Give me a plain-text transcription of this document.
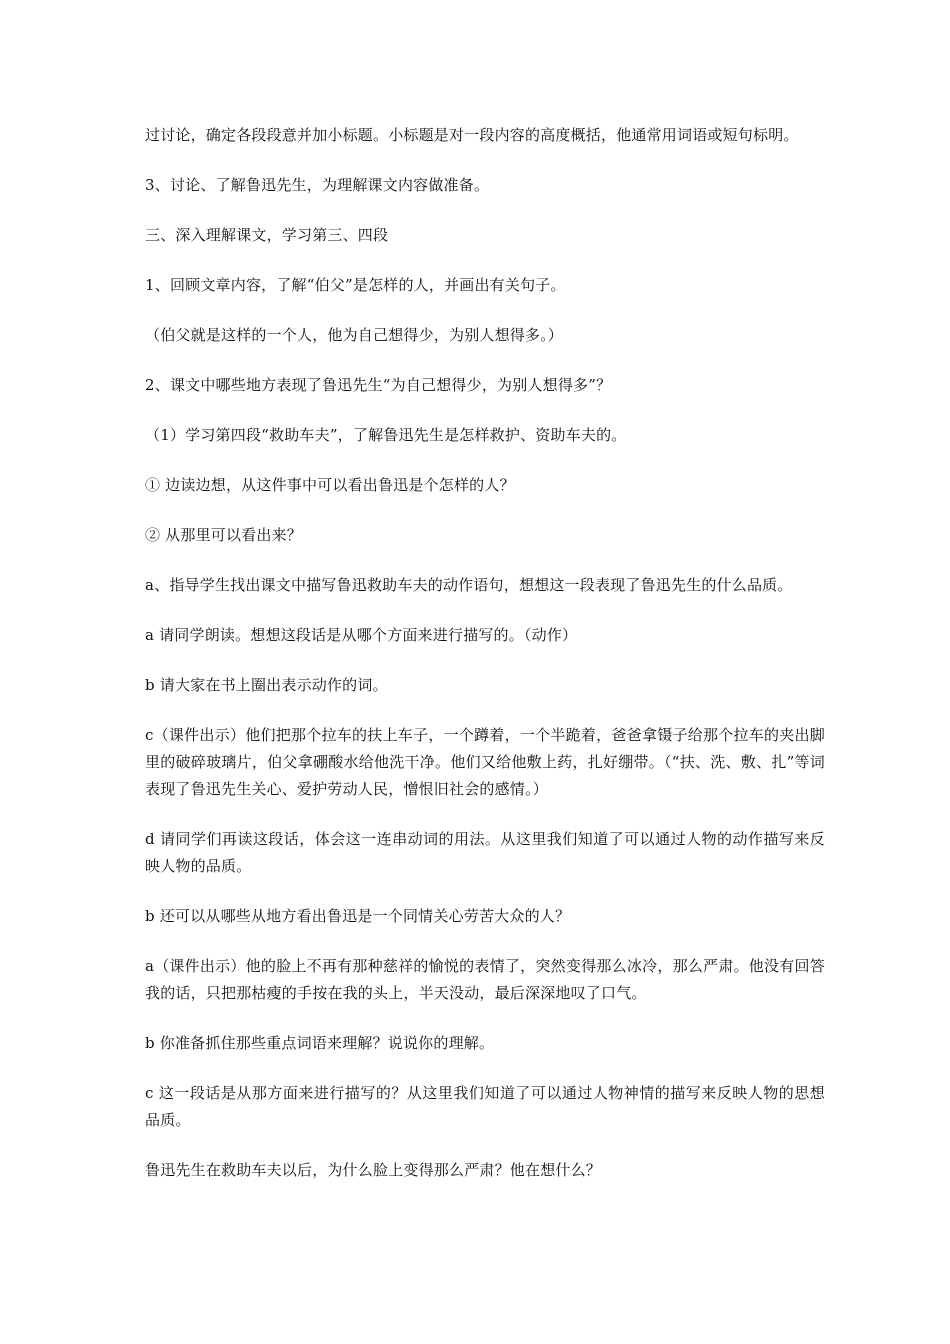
过讨论，确定各段段意并加小标题。小标题是对一段内容的高度概括，他通常用词语或短句标明。

3、讨论、了解鲁迅先生，为理解课文内容做准备。

三、深入理解课文，学习第三、四段

1、回顾文章内容，了解“伯父”是怎样的人，并画出有关句子。

（伯父就是这样的一个人，他为自己想得少，为别人想得多。）

2、课文中哪些地方表现了鲁迅先生“为自己想得少，为别人想得多”？

（1）学习第四段“救助车夫”，了解鲁迅先生是怎样救护、资助车夫的。

① 边读边想，从这件事中可以看出鲁迅是个怎样的人？

② 从那里可以看出来？

a、指导学生找出课文中描写鲁迅救助车夫的动作语句，想想这一段表现了鲁迅先生的什么品质。

a 请同学朗读。想想这段话是从哪个方面来进行描写的。（动作）

b 请大家在书上圈出表示动作的词。

c（课件出示）他们把那个拉车的扶上车子，一个蹲着，一个半跪着，爸爸拿镊子给那个拉车的夹出脚里的破碎玻璃片，伯父拿硼酸水给他洗干净。他们又给他敷上药，扎好绷带。（“扶、洗、敷、扎”等词表现了鲁迅先生关心、爱护劳动人民，憎恨旧社会的感情。）

d 请同学们再读这段话，体会这一连串动词的用法。从这里我们知道了可以通过人物的动作描写来反映人物的品质。

b 还可以从哪些从地方看出鲁迅是一个同情关心劳苦大众的人？

a（课件出示）他的脸上不再有那种慈祥的愉悦的表情了，突然变得那么冰冷，那么严肃。他没有回答我的话，只把那枯瘦的手按在我的头上，半天没动，最后深深地叹了口气。

b 你准备抓住那些重点词语来理解？说说你的理解。

c 这一段话是从那方面来进行描写的？从这里我们知道了可以通过人物神情的描写来反映人物的思想品质。

鲁迅先生在救助车夫以后，为什么脸上变得那么严肃？他在想什么？
